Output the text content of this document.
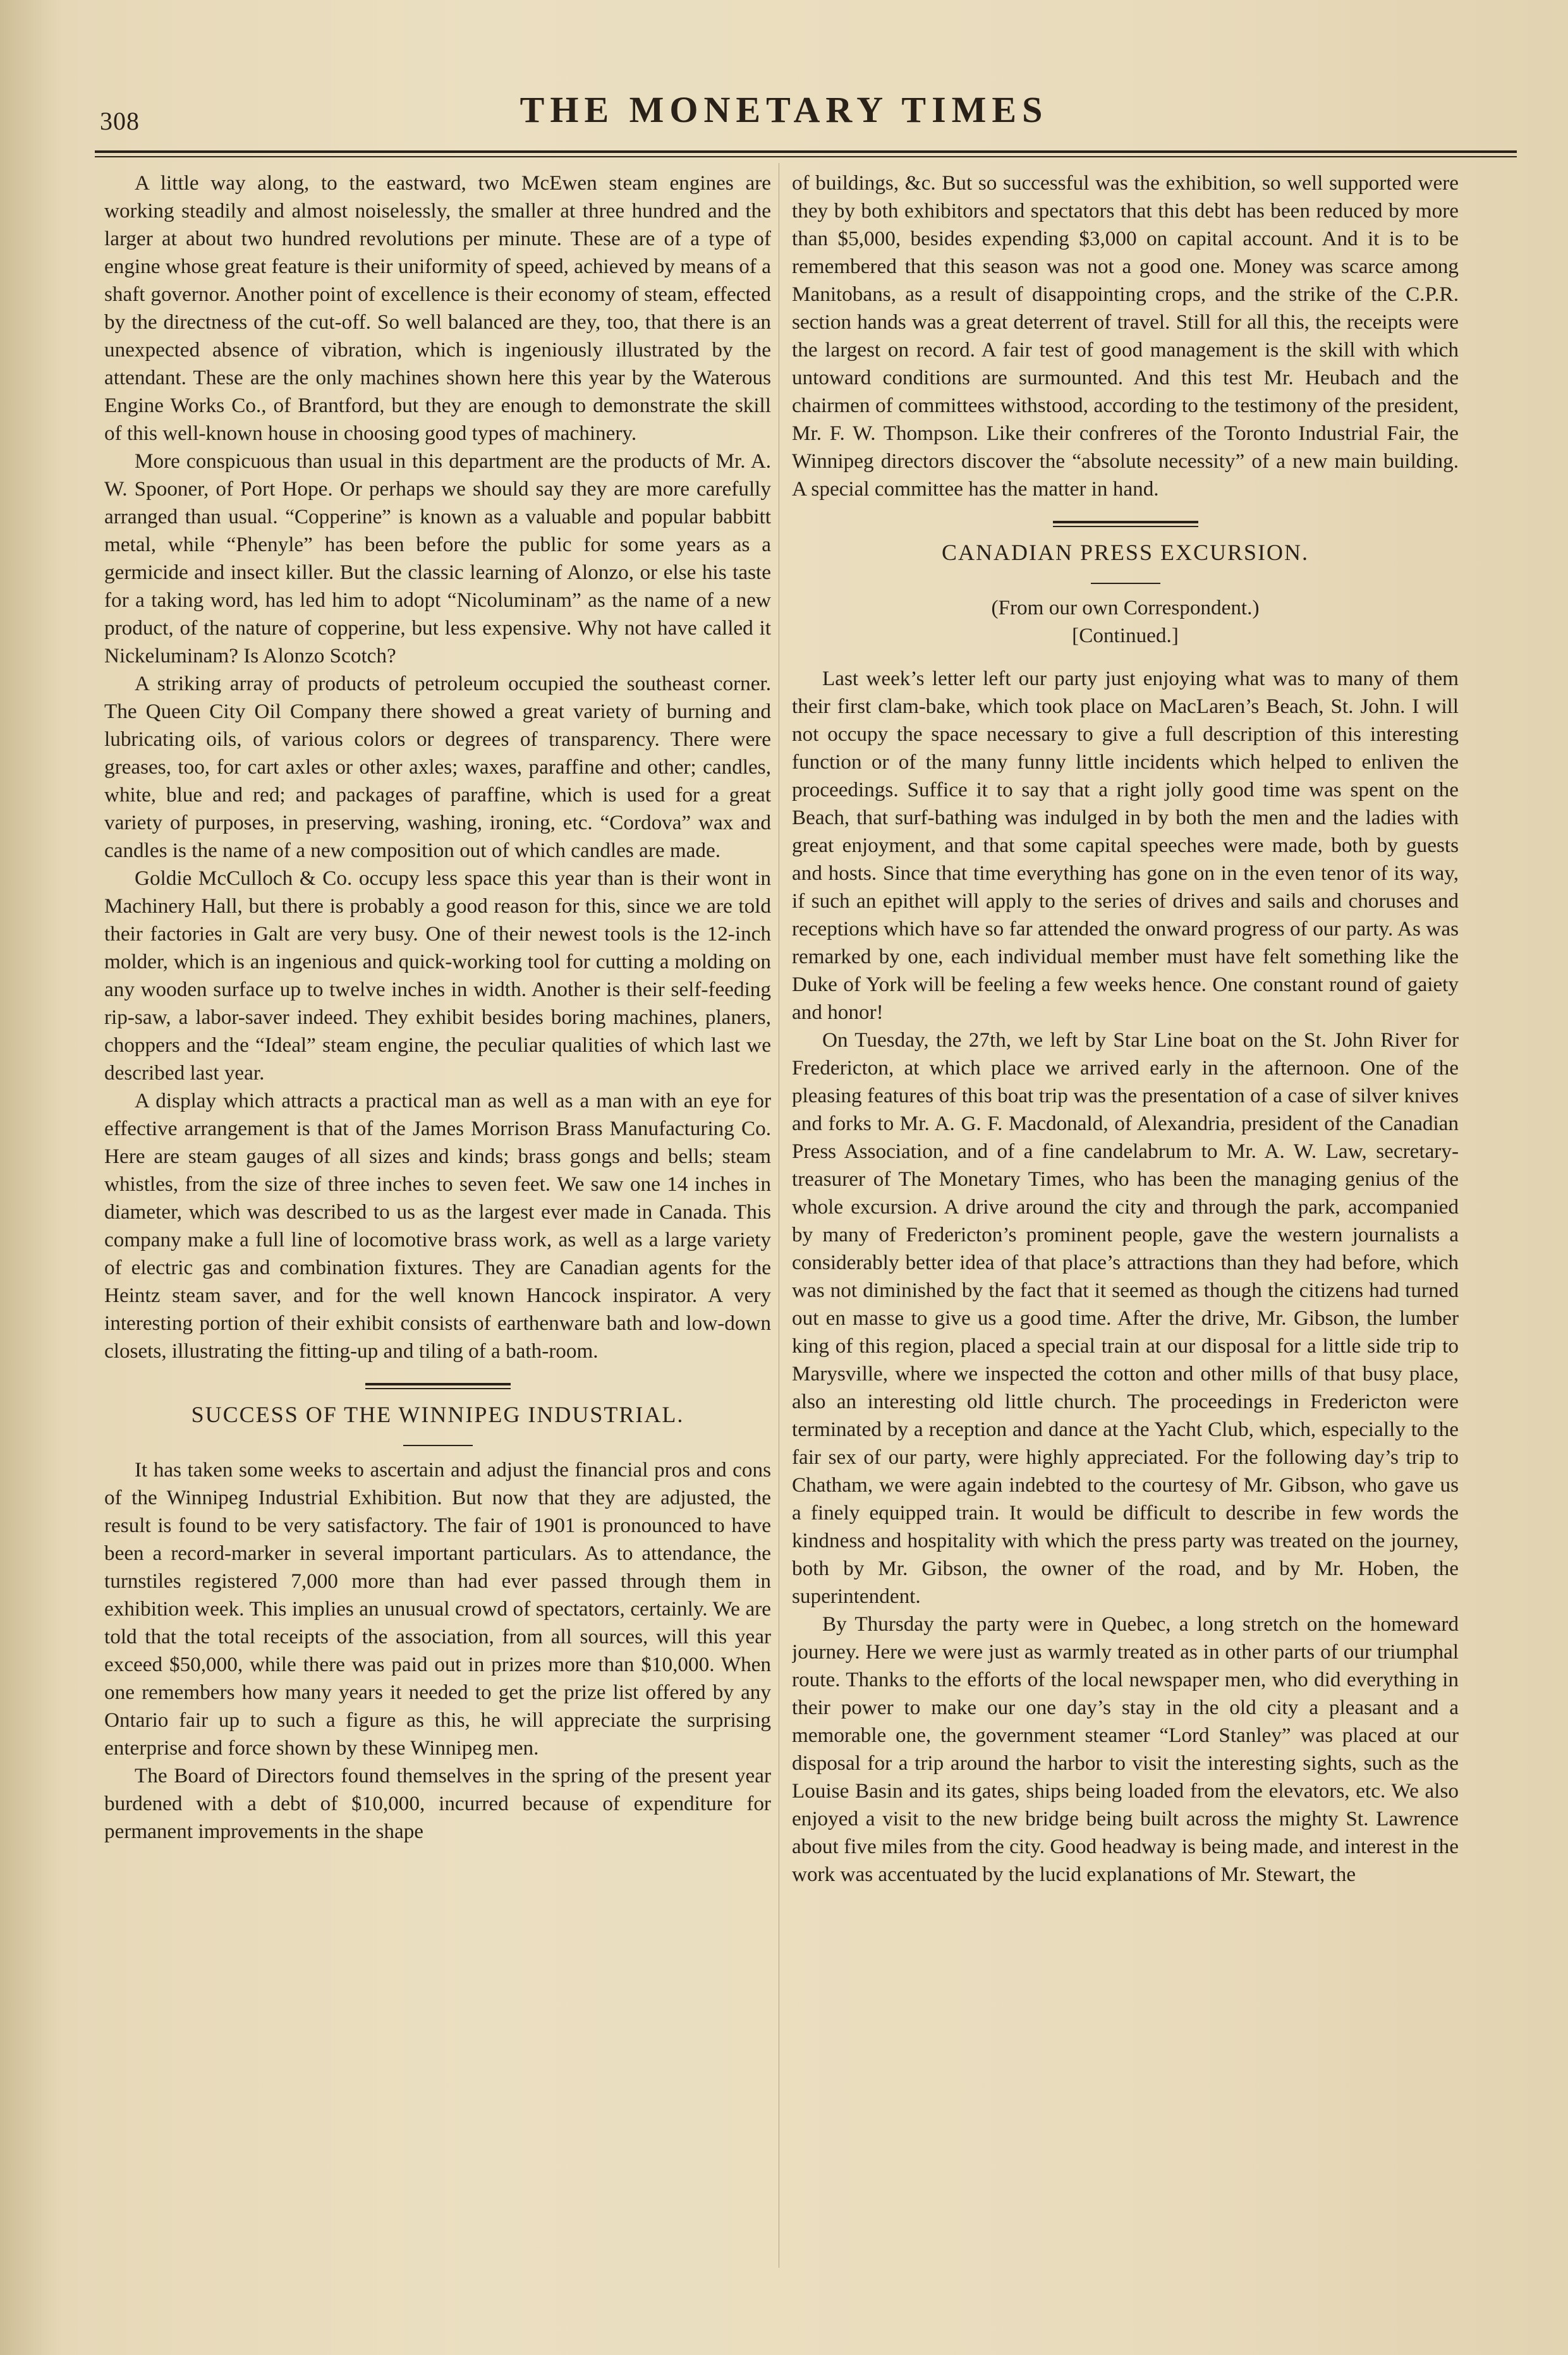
308	THE MONETARY TIMES

A little way along, to the eastward, two McEwen steam engines are working steadily and almost noiselessly, the smaller at three hundred and the larger at about two hundred revolutions per minute. These are of a type of engine whose great feature is their uniformity of speed, achieved by means of a shaft governor. Another point of excellence is their economy of steam, effected by the directness of the cut-off. So well balanced are they, too, that there is an unexpected absence of vibration, which is ingeniously illustrated by the attendant. These are the only machines shown here this year by the Waterous Engine Works Co., of Brantford, but they are enough to demonstrate the skill of this well-known house in choosing good types of machinery.

More conspicuous than usual in this department are the products of Mr. A. W. Spooner, of Port Hope. Or perhaps we should say they are more carefully arranged than usual. “Copperine” is known as a valuable and popular babbitt metal, while “Phenyle” has been before the public for some years as a germicide and insect killer. But the classic learning of Alonzo, or else his taste for a taking word, has led him to adopt “Nicoluminam” as the name of a new product, of the nature of copperine, but less expensive. Why not have called it Nickeluminam? Is Alonzo Scotch?

A striking array of products of petroleum occupied the southeast corner. The Queen City Oil Company there showed a great variety of burning and lubricating oils, of various colors or degrees of transparency. There were greases, too, for cart axles or other axles; waxes, paraffine and other; candles, white, blue and red; and packages of paraffine, which is used for a great variety of purposes, in preserving, washing, ironing, etc. “Cordova” wax and candles is the name of a new composition out of which candles are made.

Goldie McCulloch & Co. occupy less space this year than is their wont in Machinery Hall, but there is probably a good reason for this, since we are told their factories in Galt are very busy. One of their newest tools is the 12-inch molder, which is an ingenious and quick-working tool for cutting a molding on any wooden surface up to twelve inches in width. Another is their self-feeding rip-saw, a labor-saver indeed. They exhibit besides boring machines, planers, choppers and the “Ideal” steam engine, the peculiar qualities of which last we described last year.

A display which attracts a practical man as well as a man with an eye for effective arrangement is that of the James Morrison Brass Manufacturing Co. Here are steam gauges of all sizes and kinds; brass gongs and bells; steam whistles, from the size of three inches to seven feet. We saw one 14 inches in diameter, which was described to us as the largest ever made in Canada. This company make a full line of locomotive brass work, as well as a large variety of electric gas and combination fixtures. They are Canadian agents for the Heintz steam saver, and for the well known Hancock inspirator. A very interesting portion of their exhibit consists of earthenware bath and low-down closets, illustrating the fitting-up and tiling of a bath-room.

SUCCESS OF THE WINNIPEG INDUSTRIAL.

It has taken some weeks to ascertain and adjust the financial pros and cons of the Winnipeg Industrial Exhibition. But now that they are adjusted, the result is found to be very satisfactory. The fair of 1901 is pronounced to have been a record-marker in several important particulars. As to attendance, the turnstiles registered 7,000 more than had ever passed through them in exhibition week. This implies an unusual crowd of spectators, certainly. We are told that the total receipts of the association, from all sources, will this year exceed $50,000, while there was paid out in prizes more than $10,000. When one remembers how many years it needed to get the prize list offered by any Ontario fair up to such a figure as this, he will appreciate the surprising enterprise and force shown by these Winnipeg men.

The Board of Directors found themselves in the spring of the present year burdened with a debt of $10,000, incurred because of expenditure for permanent improvements in the shape

of buildings, &c. But so successful was the exhibition, so well supported were they by both exhibitors and spectators that this debt has been reduced by more than $5,000, besides expending $3,000 on capital account. And it is to be remembered that this season was not a good one. Money was scarce among Manitobans, as a result of disappointing crops, and the strike of the C.P.R. section hands was a great deterrent of travel. Still for all this, the receipts were the largest on record. A fair test of good management is the skill with which untoward conditions are surmounted. And this test Mr. Heubach and the chairmen of committees withstood, according to the testimony of the president, Mr. F. W. Thompson. Like their confreres of the Toronto Industrial Fair, the Winnipeg directors discover the “absolute necessity” of a new main building. A special committee has the matter in hand.

CANADIAN PRESS EXCURSION.

(From our own Correspondent.)

[Continued.]

Last week’s letter left our party just enjoying what was to many of them their first clam-bake, which took place on MacLaren’s Beach, St. John. I will not occupy the space necessary to give a full description of this interesting function or of the many funny little incidents which helped to enliven the proceedings. Suffice it to say that a right jolly good time was spent on the Beach, that surf-bathing was indulged in by both the men and the ladies with great enjoyment, and that some capital speeches were made, both by guests and hosts. Since that time everything has gone on in the even tenor of its way, if such an epithet will apply to the series of drives and sails and choruses and receptions which have so far attended the onward progress of our party. As was remarked by one, each individual member must have felt something like the Duke of York will be feeling a few weeks hence. One constant round of gaiety and honor!

On Tuesday, the 27th, we left by Star Line boat on the St. John River for Fredericton, at which place we arrived early in the afternoon. One of the pleasing features of this boat trip was the presentation of a case of silver knives and forks to Mr. A. G. F. Macdonald, of Alexandria, president of the Canadian Press Association, and of a fine candelabrum to Mr. A. W. Law, secretary-treasurer of The Monetary Times, who has been the managing genius of the whole excursion. A drive around the city and through the park, accompanied by many of Fredericton’s prominent people, gave the western journalists a considerably better idea of that place’s attractions than they had before, which was not diminished by the fact that it seemed as though the citizens had turned out en masse to give us a good time. After the drive, Mr. Gibson, the lumber king of this region, placed a special train at our disposal for a little side trip to Marysville, where we inspected the cotton and other mills of that busy place, also an interesting old little church. The proceedings in Fredericton were terminated by a reception and dance at the Yacht Club, which, especially to the fair sex of our party, were highly appreciated. For the following day’s trip to Chatham, we were again indebted to the courtesy of Mr. Gibson, who gave us a finely equipped train. It would be difficult to describe in few words the kindness and hospitality with which the press party was treated on the journey, both by Mr. Gibson, the owner of the road, and by Mr. Hoben, the superintendent.

By Thursday the party were in Quebec, a long stretch on the homeward journey. Here we were just as warmly treated as in other parts of our triumphal route. Thanks to the efforts of the local newspaper men, who did everything in their power to make our one day’s stay in the old city a pleasant and a memorable one, the government steamer “Lord Stanley” was placed at our disposal for a trip around the harbor to visit the interesting sights, such as the Louise Basin and its gates, ships being loaded from the elevators, etc. We also enjoyed a visit to the new bridge being built across the mighty St. Lawrence about five miles from the city. Good headway is being made, and interest in the work was accentuated by the lucid explanations of Mr. Stewart, the
